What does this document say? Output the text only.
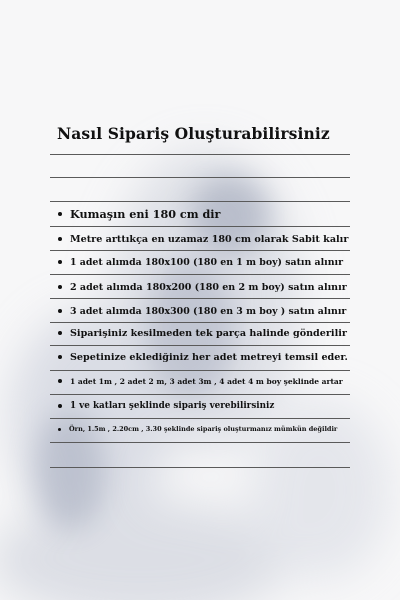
Nasıl Sipariş Oluşturabilirsiniz
Kumaşın eni 180 cm dir
Metre arttıkça en uzamaz 180 cm olarak Sabit kalır
1 adet alımda 180x100 (180 en 1 m boy) satın alınır
2 adet alımda 180x200 (180 en 2 m boy) satın alınır
3 adet alımda 180x300 (180 en 3 m boy ) satın alınır
Siparişiniz kesilmeden tek parça halinde gönderilir
Sepetinize eklediğiniz her adet metreyi temsil eder.
1 adet 1m , 2 adet 2 m, 3 adet 3m , 4 adet 4 m boy şeklinde artar
1 ve katları şeklinde sipariş verebilirsiniz
Örn, 1.5m , 2.20cm , 3.30 şeklinde sipariş oluşturmanız mümkün değildir
